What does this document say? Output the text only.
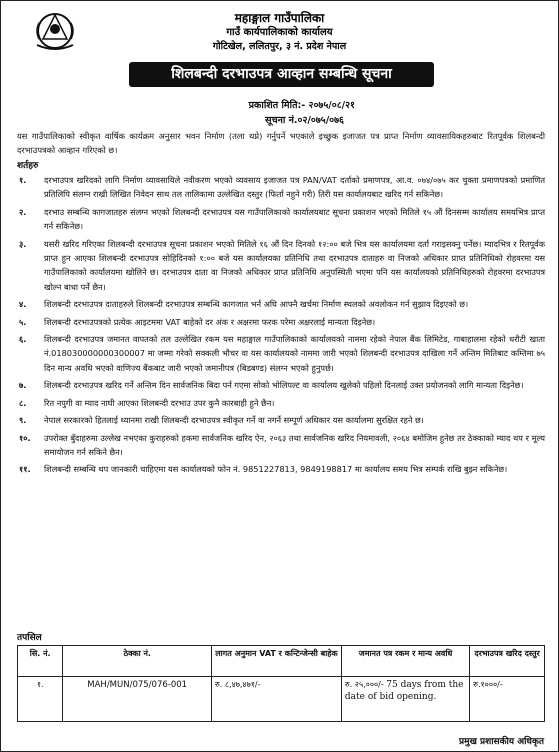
महाङ्गाल गाउँपालिका
गाउँ कार्यपालिकाको कार्यालय
गोटिखेल, ललितपुर, ३ नं. प्रदेश नेपाल
शिलबन्दी दरभाउपत्र आव्हान सम्बन्धि सूचना
प्रकाशित मिति:- २०७५/०८/२१
सूचना नं.०२/०७५/०७६
यस गाउँपालिकाको स्वीकृत वार्षिक कार्यक्रम अनुसार भवन निर्माण (तला थप्ने) गर्नुपर्ने भएकाले इच्छुक इजाजत पत्र प्राप्त निर्माण व्यावसायिकहरुबाट रितपूर्वक शिलबन्दी दरभाउपत्रको आव्हान गरिएको छ।
शर्तहरु
१. दरभाउपत्र खरिदको लागि निर्माण व्यावसायिले नवीकरण भएको व्यवसाय इजाजत पत्र PAN/VAT दर्ताको प्रमाणपत्र, आ.व. ०७४/०७५ कर चुक्ता प्रमाणपत्रको प्रमाणित प्रतिलिपि संलग्न राखी लिखित निवेदन साथ तल तालिकामा उल्लेखित दस्तुर (फिर्ता नहुने गरी) तिरी यस कार्यालयबाट खरिद गर्न सकिनेछ।
२. दरभाउ सम्बन्धि कागजातहरु संलग्न भएको शिलबन्दी दरभाउपत्र यस गाउँपालिकाको कार्यालयबाट सूचना प्रकाशन भएको मितिले १५ औं दिनसम्म कार्यालय समयभित्र प्राप्त गर्न सकिनेछ।
३. यसरी खरिद गरिएका शिलबन्दी दरभाउपत्र सूचना प्रकाशन भएको मितिले १६ औं दिन दिनको १२:०० बजे भित्र यस कार्यालयमा दर्ता गराइसक्नु पर्नेछ। म्यादभित्र र रितपूर्वक प्राप्त हुन आएका शिलबन्दी दरभाउपत्र सोहिदिनको १:०० बजे यस कार्यालयका प्रतिनिधि तथा दरभाउपत्र दाताहरु वा निजको अधिकार प्राप्त प्रतिनिधिको रोहवरमा यस गाउँपालिकाको कार्यालयमा खोलिने छ। दरभाउपत्र दाता वा निजको अधिकार प्राप्त प्रतिनिधि अनुपस्थिती भएमा पनि यस कार्यालयको प्रतिनिधिहरुको रोहवरमा दरभाउपत्र खोल्न बाधा पर्ने छैन।
४. शिलबन्दी दरभाउपत्र दाताहरुले शिलबन्दी दरभाउपत्र सम्बन्धि कागजात भर्न अघि आफ्नै खर्चमा निर्माण स्थलको अवलोकन गर्न सुझाव दिइएको छ।
५. शिलबन्दी दरभाउपत्रको प्रत्येक आइटममा VAT बाहेको दर अंक र अक्षरमा फरक परेमा अक्षरलाई मान्यता दिइनेछ।
६. शिलबन्दी दरभाउपत्र जमानत वापतको तल उल्लेखित रकम यस महाङ्गाल गाउँपालिकाको कार्यालयको नाममा रहेको नेपाल बैंक लिमिटेड, गाबाहालमा रहेको धरौटी खाता नं.018030000000300007 मा जम्मा गरेको सक्कली भौचर वा यस कार्यालयको नाममा जारी भएको शिलबन्दी दरभाउपत्र दाखिला गर्ने अन्तिम मितिबाट कम्तिमा ७५ दिन मान्य अवधि भएको वाणिज्य बैंकबाट जारी भएको जमानीपत्र (बिडबण्ड) संलग्न भएको हुनुपर्छ।
७. शिलबन्दी दरभाउपत्र खरिद गर्ने अन्तिम दिन सार्वजनिक बिदा पर्न गएमा सोको भोलिपल्ट वा कार्यालय खुलेको पहिलो दिनलाई उक्त प्रयोजनको लागि मान्यता दिइनेछ।
८. रित नपुगी वा म्याद नाघी आएका शिलबन्दी दरभाउ उपर कुनै कारबाही हुने छैन।
९. नेपाल सरकारको हितलाई ध्यानमा राखी शिलबन्दी दरभाउपत्र स्वीकृत गर्ने वा नगर्ने सम्पूर्ण अधिकार यस कार्यालमा सुरक्षित रहने छ।
१०. उपरोक्त बुँदाहरुमा उल्लेख नभएका कुराहरुको हकमा सार्वजनिक खरिद ऐन, २०६३ तथा सार्वजनिक खरिद नियमावली, २०६४ बमोजिम हुनेछ तर ठेक्काको म्याद थप र मूल्य समायोजन गर्न सकिने छैन।
११. शिलबन्दी सम्बन्धि थप जानकारी चाहिएमा यस कार्यालयको फोन नं. 9851227813, 9849198817 मा कार्यालय समय भित्र सम्पर्क राखि बुझ्न सकिनेछ।
तपसिल
सि. नं.	ठेक्का नं.	लागत अनुमान VAT र कन्टिन्जेन्सी बाहेक	जमानत पत्र रकम र मान्य अवधि	दरभाउपत्र खरिद दस्तुर
१.	MAH/MUN/075/076-001	रु. ८,४७,४७१/-	रु. २५,०००/- 75 days from the date of bid opening.	रु.१०००/-
प्रमुख प्रशासकीय अधिकृत
